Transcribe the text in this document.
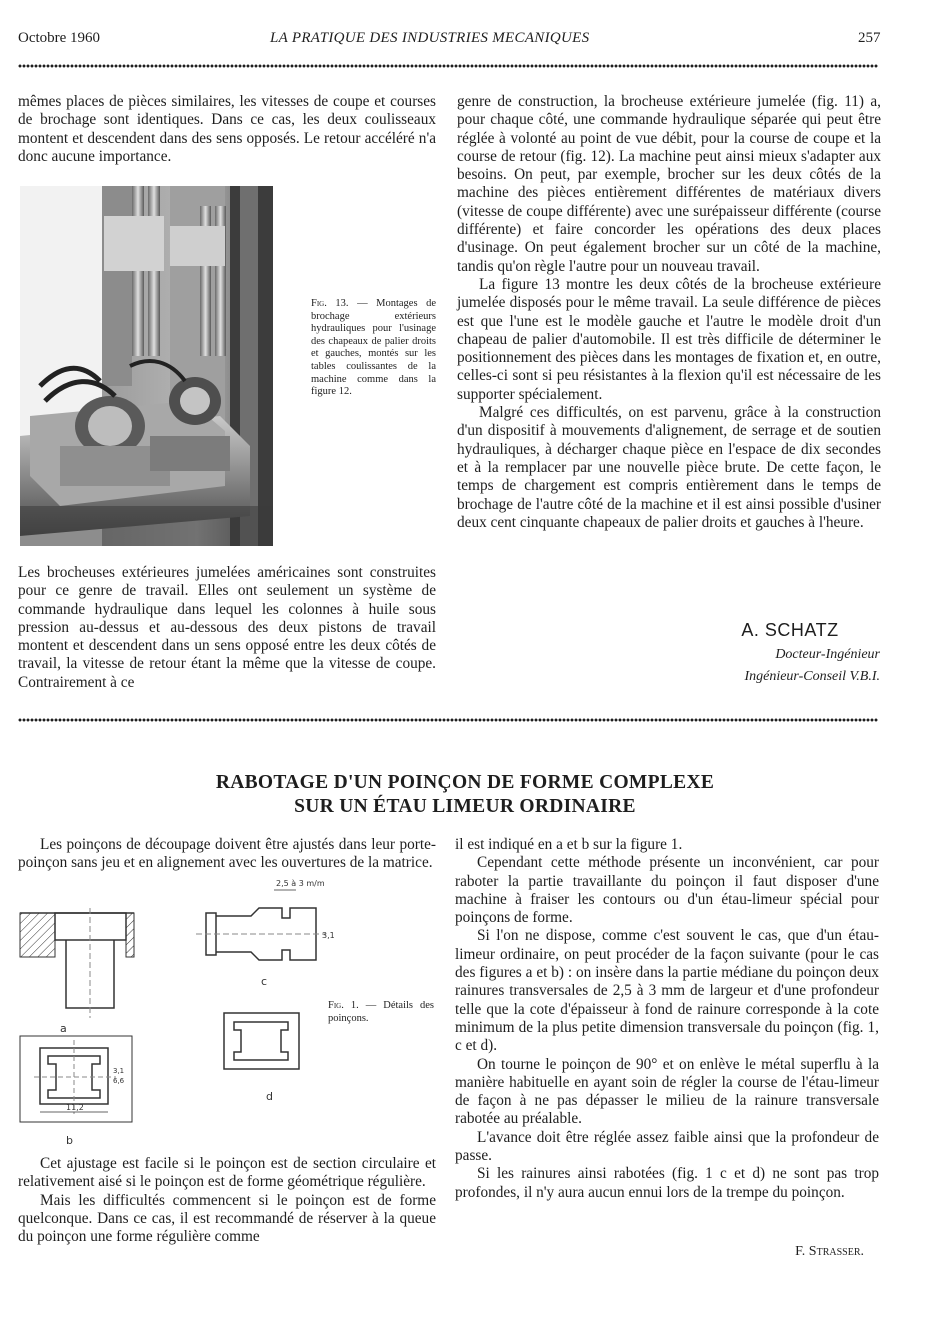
Octobre 1960	LA PRATIQUE DES INDUSTRIES MECANIQUES	257

mêmes places de pièces similaires, les vitesses de coupe et courses de brochage sont identiques. Dans ce cas, les deux coulisseaux montent et descendent dans des sens opposés. Le retour accéléré n'a donc aucune importance.

Fig. 13. — Montages de brochage extérieurs hydrauliques pour l'usinage des chapeaux de palier droits et gauches, montés sur les tables coulissantes de la machine comme dans la figure 12.

Les brocheuses extérieures jumelées américaines sont construites pour ce genre de travail. Elles ont seulement un système de commande hydraulique dans lequel les colonnes à huile sous pression au-dessus et au-dessous des deux pistons de travail montent et descendent dans un sens opposé entre les deux côtés de travail, la vitesse de retour étant la même que la vitesse de coupe. Contrairement à ce

genre de construction, la brocheuse extérieure jumelée (fig. 11) a, pour chaque côté, une commande hydraulique séparée qui peut être réglée à volonté au point de vue débit, pour la course de coupe et la course de retour (fig. 12). La machine peut ainsi mieux s'adapter aux besoins. On peut, par exemple, brocher sur les deux côtés de la machine des pièces entièrement différentes de matériaux divers (vitesse de coupe différente) avec une surépaisseur différente (course différente) et faire concorder les opérations des deux places d'usinage. On peut également brocher sur un côté de la machine, tandis qu'on règle l'autre pour un nouveau travail.

La figure 13 montre les deux côtés de la brocheuse extérieure jumelée disposés pour le même travail. La seule différence de pièces est que l'une est le modèle gauche et l'autre le modèle droit d'un chapeau de palier d'automobile. Il est très difficile de déterminer le positionnement des pièces dans les montages de fixation et, en outre, celles-ci sont si peu résistantes à la flexion qu'il est nécessaire de les supporter spécialement.

Malgré ces difficultés, on est parvenu, grâce à la construction d'un dispositif à mouvements d'alignement, de serrage et de soutien hydrauliques, à décharger chaque pièce en l'espace de dix secondes et à la remplacer par une nouvelle pièce brute. De cette façon, le temps de chargement est compris entièrement dans le temps de brochage de l'autre côté de la machine et il est ainsi possible d'usiner deux cent cinquante chapeaux de palier droits et gauches à l'heure.

A. SCHATZ
Docteur-Ingénieur
Ingénieur-Conseil V.B.I.
RABOTAGE D'UN POINÇON DE FORME COMPLEXE
SUR UN ÉTAU LIMEUR ORDINAIRE

Les poinçons de découpage doivent être ajustés dans leur porte-poinçon sans jeu et en alignement avec les ouvertures de la matrice.

a
11,2
3,1
6,6
b
2,5 à 3 m/m
3,1
c
d
Fig. 1. — Détails des poinçons.

Cet ajustage est facile si le poinçon est de section circulaire et relativement aisé si le poinçon est de forme géométrique régulière.

Mais les difficultés commencent si le poinçon est de forme quelconque. Dans ce cas, il est recommandé de réserver à la queue du poinçon une forme régulière comme

il est indiqué en a et b sur la figure 1.

Cependant cette méthode présente un inconvénient, car pour raboter la partie travaillante du poinçon il faut disposer d'une machine à fraiser les contours ou d'un étau-limeur spécial pour poinçons de forme.

Si l'on ne dispose, comme c'est souvent le cas, que d'un étau-limeur ordinaire, on peut procéder de la façon suivante (pour le cas des figures a et b) : on insère dans la partie médiane du poinçon deux rainures transversales de 2,5 à 3 mm de largeur et d'une profondeur telle que la cote d'épaisseur à fond de rainure corresponde à la cote minimum de la plus petite dimension transversale du poinçon (fig. 1, c et d).

On tourne le poinçon de 90° et on enlève le métal superflu à la manière habituelle en ayant soin de régler la course de l'étau-limeur de façon à ne pas dépasser le milieu de la rainure transversale rabotée au préalable.

L'avance doit être réglée assez faible ainsi que la profondeur de passe.

Si les rainures ainsi rabotées (fig. 1 c et d) ne sont pas trop profondes, il n'y aura aucun ennui lors de la trempe du poinçon.

F. Strasser.
